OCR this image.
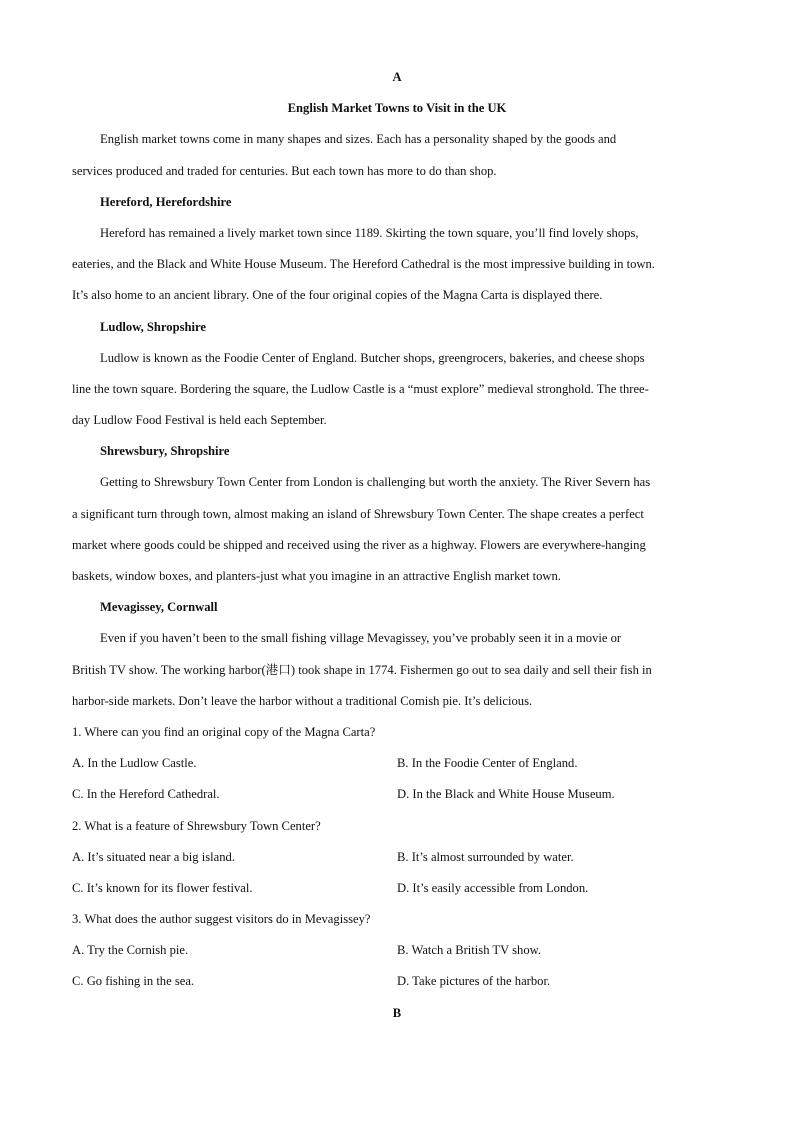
A
English Market Towns to Visit in the UK
English market towns come in many shapes and sizes. Each has a personality shaped by the goods and
services produced and traded for centuries. But each town has more to do than shop.
Hereford, Herefordshire
Hereford has remained a lively market town since 1189. Skirting the town square, you’ll find lovely shops,
eateries, and the Black and White House Museum. The Hereford Cathedral is the most impressive building in town.
It’s also home to an ancient library. One of the four original copies of the Magna Carta is displayed there.
Ludlow, Shropshire
Ludlow is known as the Foodie Center of England. Butcher shops, greengrocers, bakeries, and cheese shops
line the town square. Bordering the square, the Ludlow Castle is a “must explore” medieval stronghold. The three-
day Ludlow Food Festival is held each September.
Shrewsbury, Shropshire
Getting to Shrewsbury Town Center from London is challenging but worth the anxiety. The River Severn has
a significant turn through town, almost making an island of Shrewsbury Town Center. The shape creates a perfect
market where goods could be shipped and received using the river as a highway. Flowers are everywhere-hanging
baskets, window boxes, and planters-just what you imagine in an attractive English market town.
Mevagissey, Cornwall
Even if you haven’t been to the small fishing village Mevagissey, you’ve probably seen it in a movie or
British TV show. The working harbor(港口) took shape in 1774. Fishermen go out to sea daily and sell their fish in
harbor-side markets. Don’t leave the harbor without a traditional Comish pie. It’s delicious.
1. Where can you find an original copy of the Magna Carta?
A. In the Ludlow Castle.	B. In the Foodie Center of England.
C. In the Hereford Cathedral.	D. In the Black and White House Museum.
2. What is a feature of Shrewsbury Town Center?
A. It’s situated near a big island.	B. It’s almost surrounded by water.
C. It’s known for its flower festival.	D. It’s easily accessible from London.
3. What does the author suggest visitors do in Mevagissey?
A. Try the Cornish pie.	B. Watch a British TV show.
C. Go fishing in the sea.	D. Take pictures of the harbor.
B
